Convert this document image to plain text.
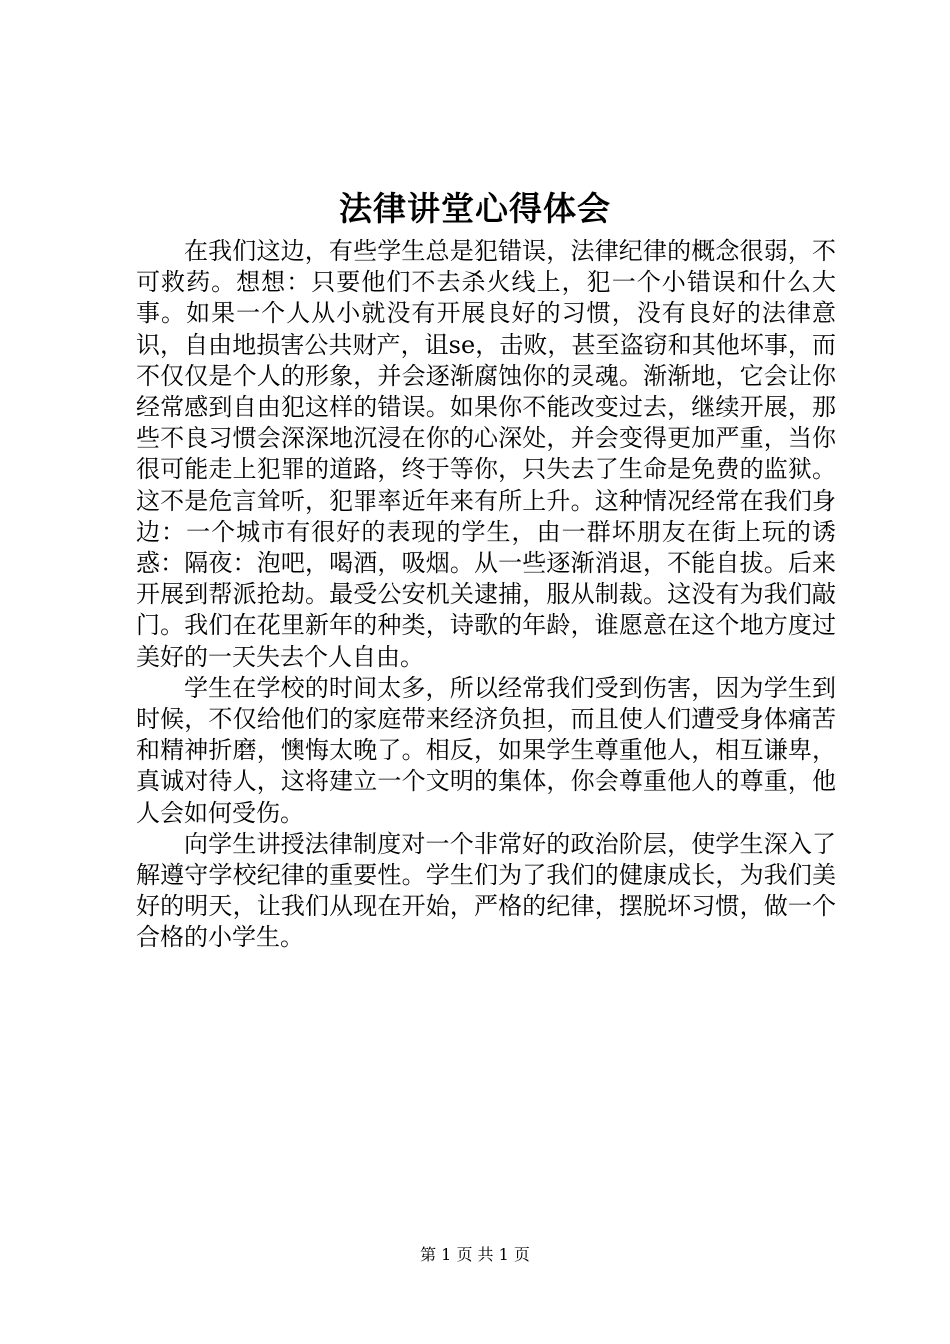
法律讲堂心得体会

在我们这边，有些学生总是犯错误，法律纪律的概念很弱，不可救药。想想：只要他们不去杀火线上，犯一个小错误和什么大事。如果一个人从小就没有开展良好的习惯，没有良好的法律意识，自由地损害公共财产，诅se，击败，甚至盗窃和其他坏事，而不仅仅是个人的形象，并会逐渐腐蚀你的灵魂。渐渐地，它会让你经常感到自由犯这样的错误。如果你不能改变过去，继续开展，那些不良习惯会深深地沉浸在你的心深处，并会变得更加严重，当你很可能走上犯罪的道路，终于等你，只失去了生命是免费的监狱。这不是危言耸听，犯罪率近年来有所上升。这种情况经常在我们身边：一个城市有很好的表现的学生，由一群坏朋友在街上玩的诱惑：隔夜：泡吧，喝酒，吸烟。从一些逐渐消退，不能自拔。后来开展到帮派抢劫。最受公安机关逮捕，服从制裁。这没有为我们敲门。我们在花里新年的种类，诗歌的年龄，谁愿意在这个地方度过美好的一天失去个人自由。

学生在学校的时间太多，所以经常我们受到伤害，因为学生到时候，不仅给他们的家庭带来经济负担，而且使人们遭受身体痛苦和精神折磨，懊悔太晚了。相反，如果学生尊重他人，相互谦卑，真诚对待人，这将建立一个文明的集体，你会尊重他人的尊重，他人会如何受伤。

向学生讲授法律制度对一个非常好的政治阶层，使学生深入了解遵守学校纪律的重要性。学生们为了我们的健康成长，为我们美好的明天，让我们从现在开始，严格的纪律，摆脱坏习惯，做一个合格的小学生。

第 1 页 共 1 页
